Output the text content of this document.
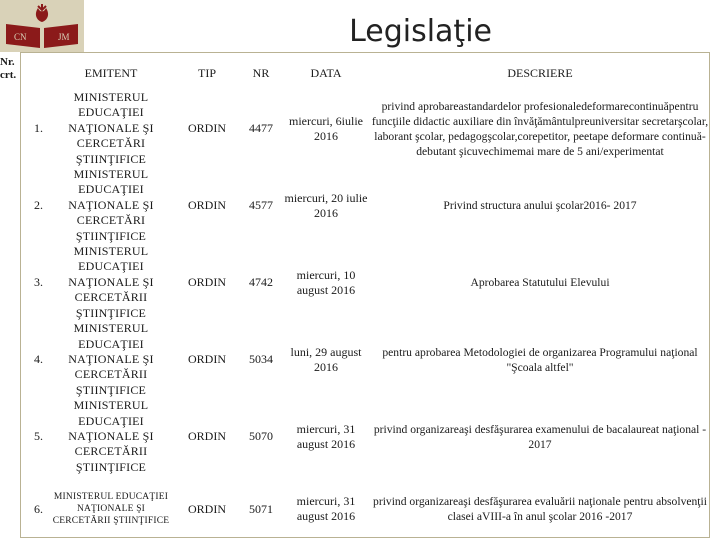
CN	JM	Legislaţie
Nr. crt.	EMITENT	TIP	NR	DATA	DESCRIERE
1.	MINISTERUL EDUCAŢIEI NAŢIONALE ŞI CERCETĂRI ŞTIINŢIFICE	ORDIN	4477	miercuri, 6iulie 2016	privind aprobareastandardelor profesionaledeformarecontinuăpentru funcţiile didactic auxiliare din învăţământulpreuniversitar secretarşcolar, laborant şcolar, pedagogşcolar,corepetitor, peetape deformare continuă- debutant şicuvechimemai mare de 5 ani/experimentat
2.	MINISTERUL EDUCAŢIEI NAŢIONALE ŞI CERCETĂRI ŞTIINŢIFICE	ORDIN	4577	miercuri, 20 iulie 2016	Privind structura anului şcolar2016- 2017
3.	MINISTERUL EDUCAŢIEI NAŢIONALE ŞI CERCETĂRII ŞTIINŢIFICE	ORDIN	4742	miercuri, 10 august 2016	Aprobarea Statutului Elevului
4.	MINISTERUL EDUCAŢIEI NAŢIONALE ŞI CERCETĂRII ŞTIINŢIFICE	ORDIN	5034	luni, 29 august 2016	pentru aprobarea Metodologiei de organizarea Programului naţional "Şcoala altfel"
5.	MINISTERUL EDUCAŢIEI NAŢIONALE ŞI CERCETĂRII ŞTIINŢIFICE	ORDIN	5070	miercuri, 31 august 2016	privind organizareaşi desfăşurarea examenului de bacalaureat naţional - 2017
6.	MINISTERUL EDUCAŢIEI NAŢIONALE ŞI CERCETĂRII ŞTIINŢIFICE	ORDIN	5071	miercuri, 31 august 2016	privind organizareaşi desfăşurarea evaluării naţionale pentru absolvenţii clasei aVIII-a în anul şcolar 2016 -2017
